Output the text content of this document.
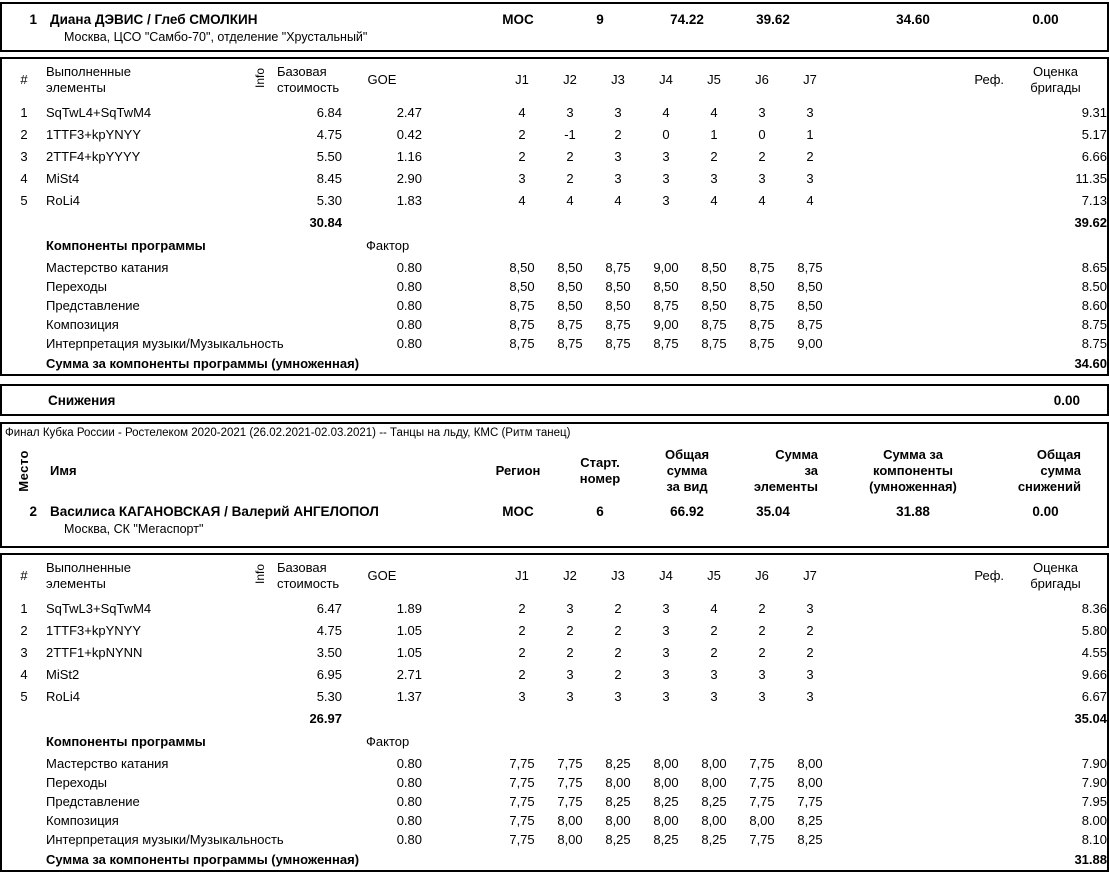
1 Диана ДЭВИС / Глеб СМОЛКИН	МОС	9	74.22	39.62	34.60	0.00
Москва, ЦСО "Самбо-70", отделение "Хрустальный"
#	
Выполненные
элементы	Info	Базовая
стоимость
	GOE		J1	J2	J3	J4	J5	J6	J7	Реф.	
Оценка
бригады

1	SqTwL4+SqTwM4		6.84	2.47		4	3	3	4	4	3	3		9.31
2	1TTF3+kpYNYY		4.75	0.42		2	-1	2	0	1	0	1		5.17
3	2TTF4+kpYYYY		5.50	1.16		2	2	3	3	2	2	2		6.66
4	MiSt4		8.45	2.90		3	2	3	3	3	3	3		11.35
5	RoLi4		5.30	1.83		4	4	4	3	4	4	4		7.13
			30.84											39.62
	Компоненты программы			Фактор										
	Мастерство катания			0.80		8,50	8,50	8,75	9,00	8,50	8,75	8,75		8.65
	Переходы			0.80		8,50	8,50	8,50	8,50	8,50	8,50	8,50		8.50
	Представление			0.80		8,75	8,50	8,50	8,75	8,50	8,75	8,50		8.60
	Композиция			0.80		8,75	8,75	8,75	9,00	8,75	8,75	8,75		8.75
	Интерпретация музыки/Музыкальность			0.80		8,75	8,75	8,75	8,75	8,75	8,75	9,00		8.75
	Сумма за компоненты программы (умноженная)													34.60
Снижения	0.00
Финал Кубка России - Ростелеком 2020-2021 (26.02.2021-02.03.2021) -- Танцы на льду, КМС (Ритм танец)
Место	Имя	Регион
Старт.
номер
Общая
сумма
за вид
Сумма
за
элементы
Сумма за
компоненты
(умноженная)
Общая
сумма
снижений
2 Василиса КАГАНОВСКАЯ / Валерий АНГЕЛОПОЛ	МОС	6	66.92	35.04	31.88	0.00
Москва, СК "Мегаспорт"
#	
Выполненные
элементы	Info	Базовая
стоимость
	GOE		J1	J2	J3	J4	J5	J6	J7	Реф.	
Оценка
бригады

1	SqTwL3+SqTwM4		6.47	1.89		2	3	2	3	4	2	3		8.36
2	1TTF3+kpYNYY		4.75	1.05		2	2	2	3	2	2	2		5.80
3	2TTF1+kpNYNN		3.50	1.05		2	2	2	3	2	2	2		4.55
4	MiSt2		6.95	2.71		2	3	2	3	3	3	3		9.66
5	RoLi4		5.30	1.37		3	3	3	3	3	3	3		6.67
			26.97											35.04
	Компоненты программы			Фактор										
	Мастерство катания			0.80		7,75	7,75	8,25	8,00	8,00	7,75	8,00		7.90
	Переходы			0.80		7,75	7,75	8,00	8,00	8,00	7,75	8,00		7.90
	Представление			0.80		7,75	7,75	8,25	8,25	8,25	7,75	7,75		7.95
	Композиция			0.80		7,75	8,00	8,00	8,00	8,00	8,00	8,25		8.00
	Интерпретация музыки/Музыкальность			0.80		7,75	8,00	8,25	8,25	8,25	7,75	8,25		8.10
	Сумма за компоненты программы (умноженная)													31.88
